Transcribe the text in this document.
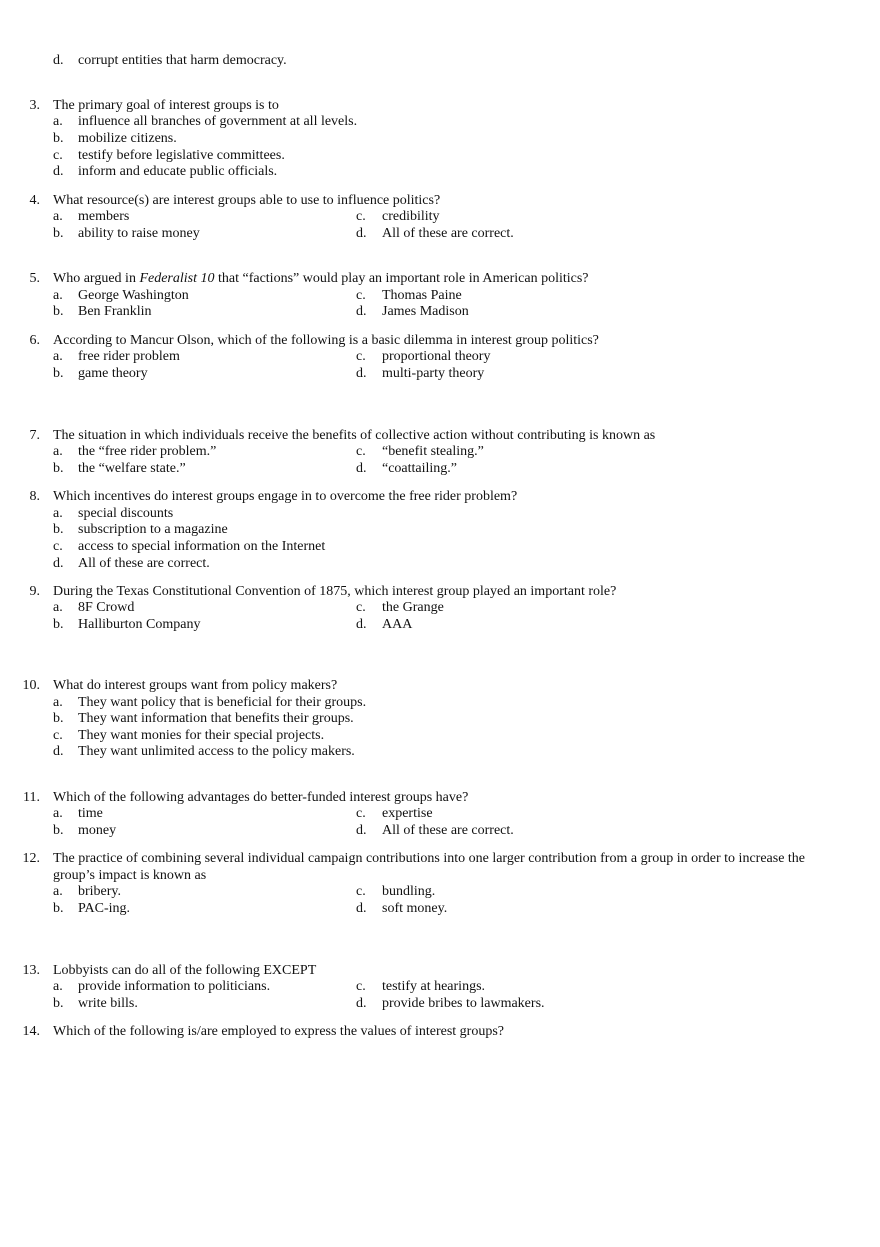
d. corrupt entities that harm democracy.
3. The primary goal of interest groups is to
a. influence all branches of government at all levels.
b. mobilize citizens.
c. testify before legislative committees.
d. inform and educate public officials.
4. What resource(s) are interest groups able to use to influence politics?
a. members
b. ability to raise money
c. credibility
d. All of these are correct.
5. Who argued in Federalist 10 that “factions” would play an important role in American politics?
a. George Washington
b. Ben Franklin
c. Thomas Paine
d. James Madison
6. According to Mancur Olson, which of the following is a basic dilemma in interest group politics?
a. free rider problem
b. game theory
c. proportional theory
d. multi-party theory
7. The situation in which individuals receive the benefits of collective action without contributing is known as
a. the “free rider problem.”
b. the “welfare state.”
c. “benefit stealing.”
d. “coattailing.”
8. Which incentives do interest groups engage in to overcome the free rider problem?
a. special discounts
b. subscription to a magazine
c. access to special information on the Internet
d. All of these are correct.
9. During the Texas Constitutional Convention of 1875, which interest group played an important role?
a. 8F Crowd
b. Halliburton Company
c. the Grange
d. AAA
10. What do interest groups want from policy makers?
a. They want policy that is beneficial for their groups.
b. They want information that benefits their groups.
c. They want monies for their special projects.
d. They want unlimited access to the policy makers.
11. Which of the following advantages do better-funded interest groups have?
a. time
b. money
c. expertise
d. All of these are correct.
12. The practice of combining several individual campaign contributions into one larger contribution from a group in order to increase the
group’s impact is known as
a. bribery.
b. PAC-ing.
c. bundling.
d. soft money.
13. Lobbyists can do all of the following EXCEPT
a. provide information to politicians.
b. write bills.
c. testify at hearings.
d. provide bribes to lawmakers.
14. Which of the following is/are employed to express the values of interest groups?
